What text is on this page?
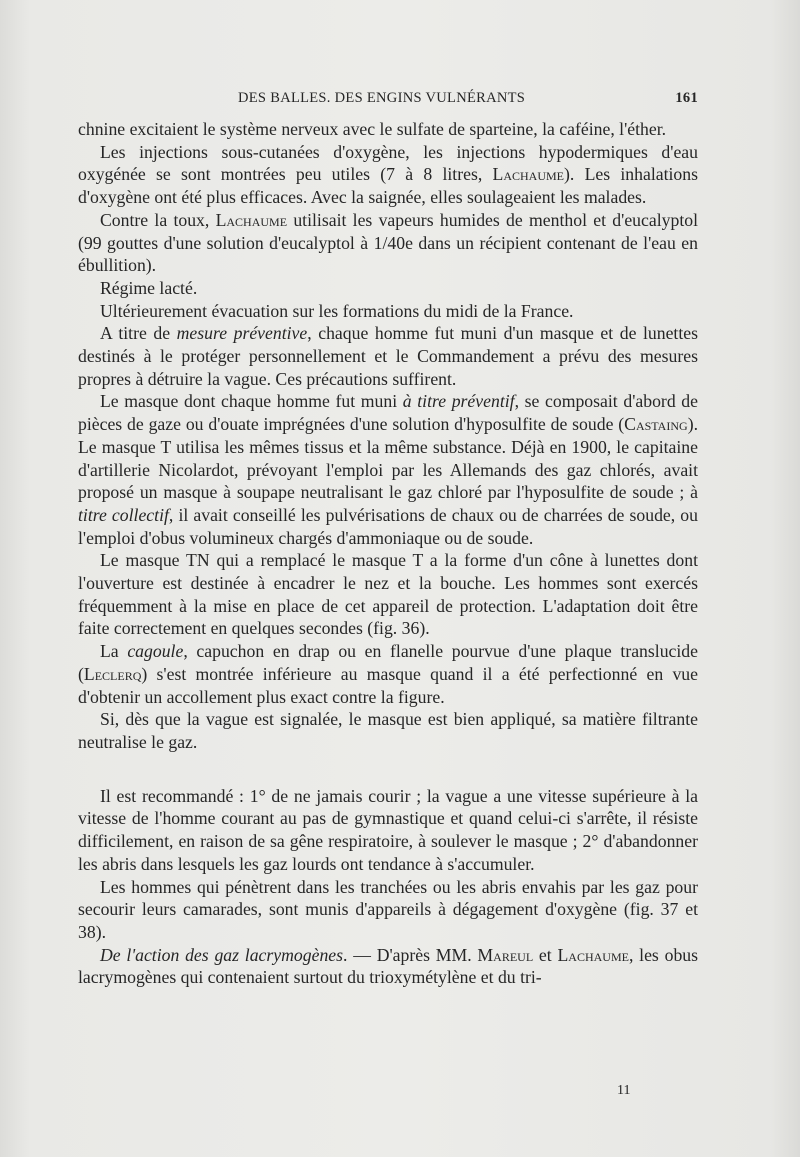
DES BALLES. DES ENGINS VULNÉRANTS	161

chnine excitaient le système nerveux avec le sulfate de sparteine, la caféine, l'éther.

Les injections sous-cutanées d'oxygène, les injections hypodermiques d'eau oxygénée se sont montrées peu utiles (7 à 8 litres, Lachaume). Les inhalations d'oxygène ont été plus efficaces. Avec la saignée, elles soulageaient les malades.

Contre la toux, Lachaume utilisait les vapeurs humides de menthol et d'eucalyptol (99 gouttes d'une solution d'eucalyptol à 1/40e dans un récipient contenant de l'eau en ébullition).

Régime lacté.

Ultérieurement évacuation sur les formations du midi de la France.

A titre de mesure préventive, chaque homme fut muni d'un masque et de lunettes destinés à le protéger personnellement et le Commandement a prévu des mesures propres à détruire la vague. Ces précautions suffirent.

Le masque dont chaque homme fut muni à titre préventif, se composait d'abord de pièces de gaze ou d'ouate imprégnées d'une solution d'hyposulfite de soude (Castaing). Le masque T utilisa les mêmes tissus et la même substance. Déjà en 1900, le capitaine d'artillerie Nicolardot, prévoyant l'emploi par les Allemands des gaz chlorés, avait proposé un masque à soupape neutralisant le gaz chloré par l'hyposulfite de soude ; à titre collectif, il avait conseillé les pulvérisations de chaux ou de charrées de soude, ou l'emploi d'obus volumineux chargés d'ammoniaque ou de soude.

Le masque TN qui a remplacé le masque T a la forme d'un cône à lunettes dont l'ouverture est destinée à encadrer le nez et la bouche. Les hommes sont exercés fréquemment à la mise en place de cet appareil de protection. L'adaptation doit être faite correctement en quelques secondes (fig. 36).

La cagoule, capuchon en drap ou en flanelle pourvue d'une plaque translucide (Leclerq) s'est montrée inférieure au masque quand il a été perfectionné en vue d'obtenir un accollement plus exact contre la figure.

Si, dès que la vague est signalée, le masque est bien appliqué, sa matière filtrante neutralise le gaz.

Il est recommandé : 1° de ne jamais courir ; la vague a une vitesse supérieure à la vitesse de l'homme courant au pas de gymnastique et quand celui-ci s'arrête, il résiste difficilement, en raison de sa gêne respiratoire, à soulever le masque ; 2° d'abandonner les abris dans lesquels les gaz lourds ont tendance à s'accumuler.

Les hommes qui pénètrent dans les tranchées ou les abris envahis par les gaz pour secourir leurs camarades, sont munis d'appareils à dégagement d'oxygène (fig. 37 et 38).

De l'action des gaz lacrymogènes. — D'après MM. Mareul et Lachaume, les obus lacrymogènes qui contenaient surtout du trioxymétylène et du tri-

11
